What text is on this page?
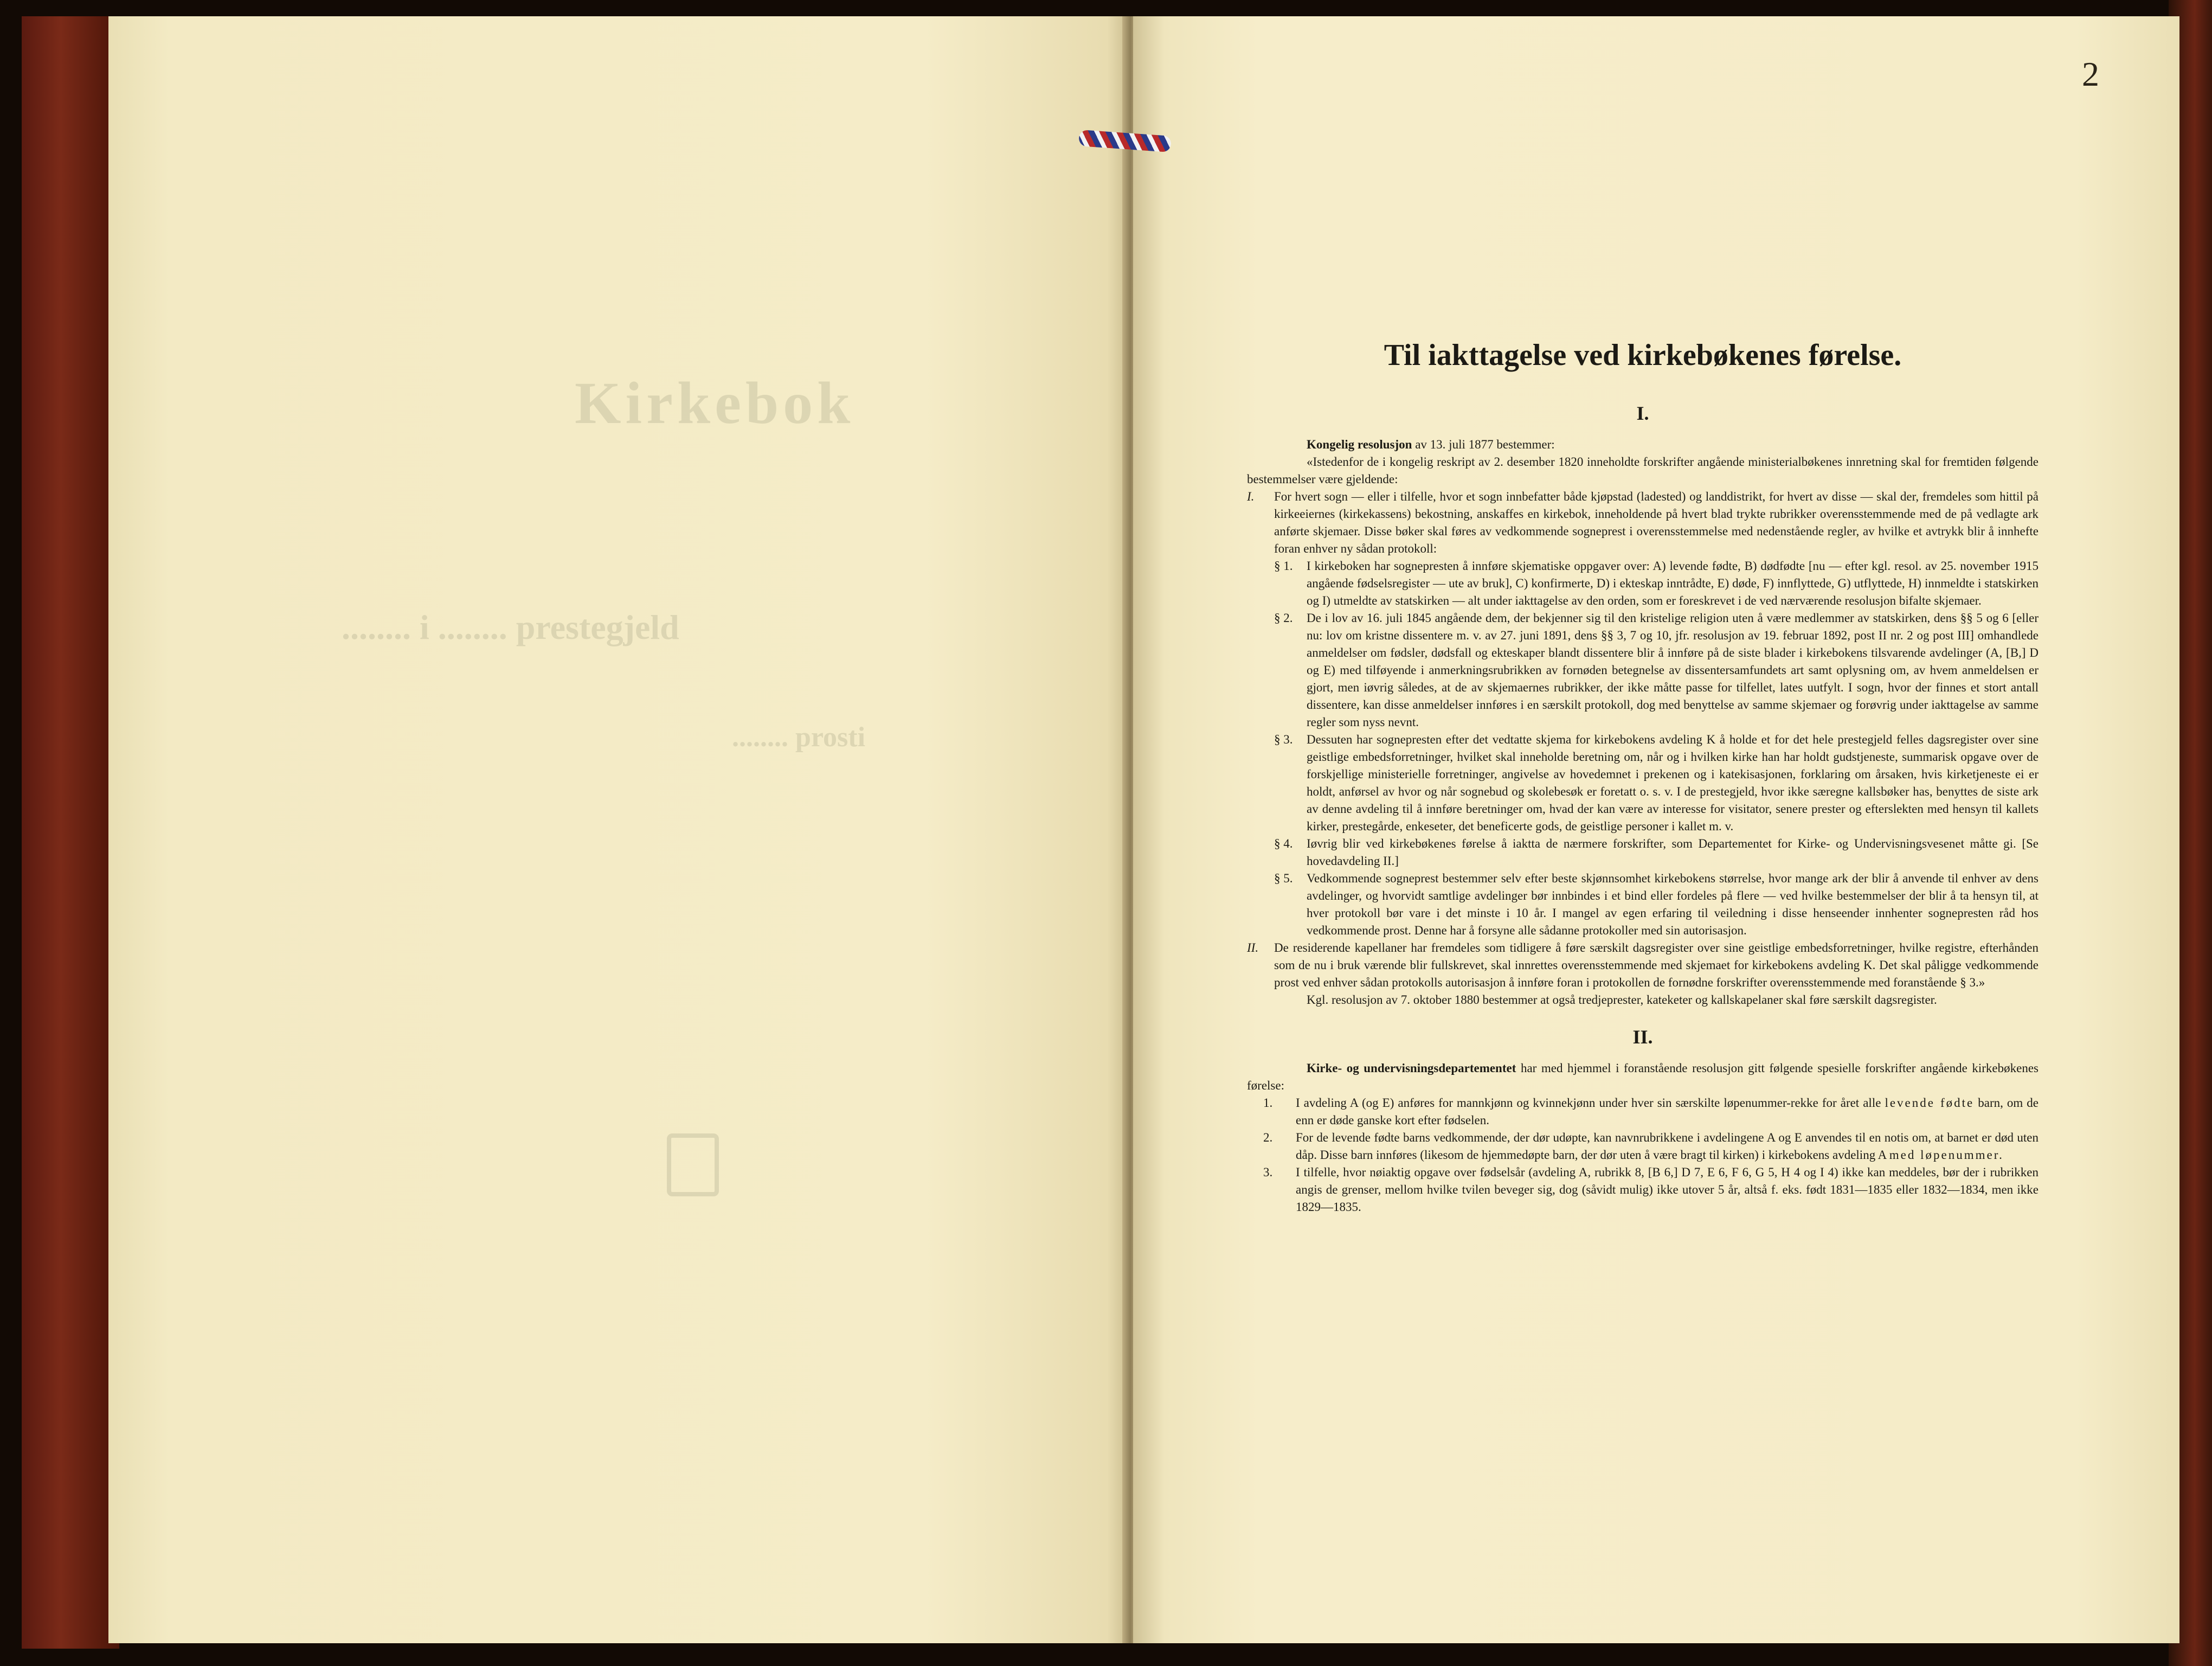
Kirkebok
........ i ........ prestegjeld
........ prosti
2
Til iakttagelse ved kirkebøkenes førelse.
I.

Kongelig resolusjon av 13. juli 1877 bestemmer:

«Istedenfor de i kongelig reskript av 2. desember 1820 inneholdte forskrifter angående ministerialbøkenes innretning skal for fremtiden følgende bestemmelser være gjeldende:

I. For hvert sogn — eller i tilfelle, hvor et sogn innbefatter både kjøpstad (ladested) og landdistrikt, for hvert av disse — skal der, fremdeles som hittil på kirkeeiernes (kirkekassens) bekostning, anskaffes en kirkebok, inneholdende på hvert blad trykte rubrikker overensstemmende med de på vedlagte ark anførte skjemaer. Disse bøker skal føres av vedkommende sogneprest i overensstemmelse med nedenstående regler, av hvilke et avtrykk blir å innhefte foran enhver ny sådan protokoll:
§ 1. I kirkeboken har sognepresten å innføre skjematiske oppgaver over: A) levende fødte, B) dødfødte [nu — efter kgl. resol. av 25. november 1915 angående fødselsregister — ute av bruk], C) konfirmerte, D) i ekteskap inntrådte, E) døde, F) innflyttede, G) utflyttede, H) innmeldte i statskirken og I) utmeldte av statskirken — alt under iakttagelse av den orden, som er foreskrevet i de ved nærværende resolusjon bifalte skjemaer.
§ 2. De i lov av 16. juli 1845 angående dem, der bekjenner sig til den kristelige religion uten å være medlemmer av statskirken, dens §§ 5 og 6 [eller nu: lov om kristne dissentere m. v. av 27. juni 1891, dens §§ 3, 7 og 10, jfr. resolusjon av 19. februar 1892, post II nr. 2 og post III] omhandlede anmeldelser om fødsler, dødsfall og ekteskaper blandt dissentere blir å innføre på de siste blader i kirkebokens tilsvarende avdelinger (A, [B,] D og E) med tilføyende i anmerkningsrubrikken av fornøden betegnelse av dissentersamfundets art samt oplysning om, av hvem anmeldelsen er gjort, men iøvrig således, at de av skjemaernes rubrikker, der ikke måtte passe for tilfellet, lates uutfylt. I sogn, hvor der finnes et stort antall dissentere, kan disse anmeldelser innføres i en særskilt protokoll, dog med benyttelse av samme skjemaer og forøvrig under iakttagelse av samme regler som nyss nevnt.
§ 3. Dessuten har sognepresten efter det vedtatte skjema for kirkebokens avdeling K å holde et for det hele prestegjeld felles dagsregister over sine geistlige embedsforretninger, hvilket skal inneholde beretning om, når og i hvilken kirke han har holdt gudstjeneste, summarisk opgave over de forskjellige ministerielle forretninger, angivelse av hovedemnet i prekenen og i katekisasjonen, forklaring om årsaken, hvis kirketjeneste ei er holdt, anførsel av hvor og når sognebud og skolebesøk er foretatt o. s. v. I de prestegjeld, hvor ikke særegne kallsbøker has, benyttes de siste ark av denne avdeling til å innføre beretninger om, hvad der kan være av interesse for visitator, senere prester og efterslekten med hensyn til kallets kirker, prestegårde, enkeseter, det beneficerte gods, de geistlige personer i kallet m. v.
§ 4. Iøvrig blir ved kirkebøkenes førelse å iaktta de nærmere forskrifter, som Departementet for Kirke- og Undervisningsvesenet måtte gi. [Se hovedavdeling II.]
§ 5. Vedkommende sogneprest bestemmer selv efter beste skjønnsomhet kirkebokens størrelse, hvor mange ark der blir å anvende til enhver av dens avdelinger, og hvorvidt samtlige avdelinger bør innbindes i et bind eller fordeles på flere — ved hvilke bestemmelser der blir å ta hensyn til, at hver protokoll bør vare i det minste i 10 år. I mangel av egen erfaring til veiledning i disse henseender innhenter sognepresten råd hos vedkommende prost. Denne har å forsyne alle sådanne protokoller med sin autorisasjon.
II. De residerende kapellaner har fremdeles som tidligere å føre særskilt dagsregister over sine geistlige embedsforretninger, hvilke registre, efterhånden som de nu i bruk værende blir fullskrevet, skal innrettes overensstemmende med skjemaet for kirkebokens avdeling K. Det skal påligge vedkommende prost ved enhver sådan protokolls autorisasjon å innføre foran i protokollen de fornødne forskrifter overensstemmende med foranstående § 3.»

Kgl. resolusjon av 7. oktober 1880 bestemmer at også tredjeprester, kateketer og kallskapelaner skal føre særskilt dagsregister.

II.

Kirke- og undervisningsdepartementet har med hjemmel i foranstående resolusjon gitt følgende spesielle forskrifter angående kirkebøkenes førelse:

1. I avdeling A (og E) anføres for mannkjønn og kvinnekjønn under hver sin særskilte løpenummer-rekke for året alle levende fødte barn, om de enn er døde ganske kort efter fødselen.
2. For de levende fødte barns vedkommende, der dør udøpte, kan navnrubrikkene i avdelingene A og E anvendes til en notis om, at barnet er død uten dåp. Disse barn innføres (likesom de hjemmedøpte barn, der dør uten å være bragt til kirken) i kirkebokens avdeling A med løpenummer.
3. I tilfelle, hvor nøiaktig opgave over fødselsår (avdeling A, rubrikk 8, [B 6,] D 7, E 6, F 6, G 5, H 4 og I 4) ikke kan meddeles, bør der i rubrikken angis de grenser, mellom hvilke tvilen beveger sig, dog (såvidt mulig) ikke utover 5 år, altså f. eks. født 1831—1835 eller 1832—1834, men ikke 1829—1835.
